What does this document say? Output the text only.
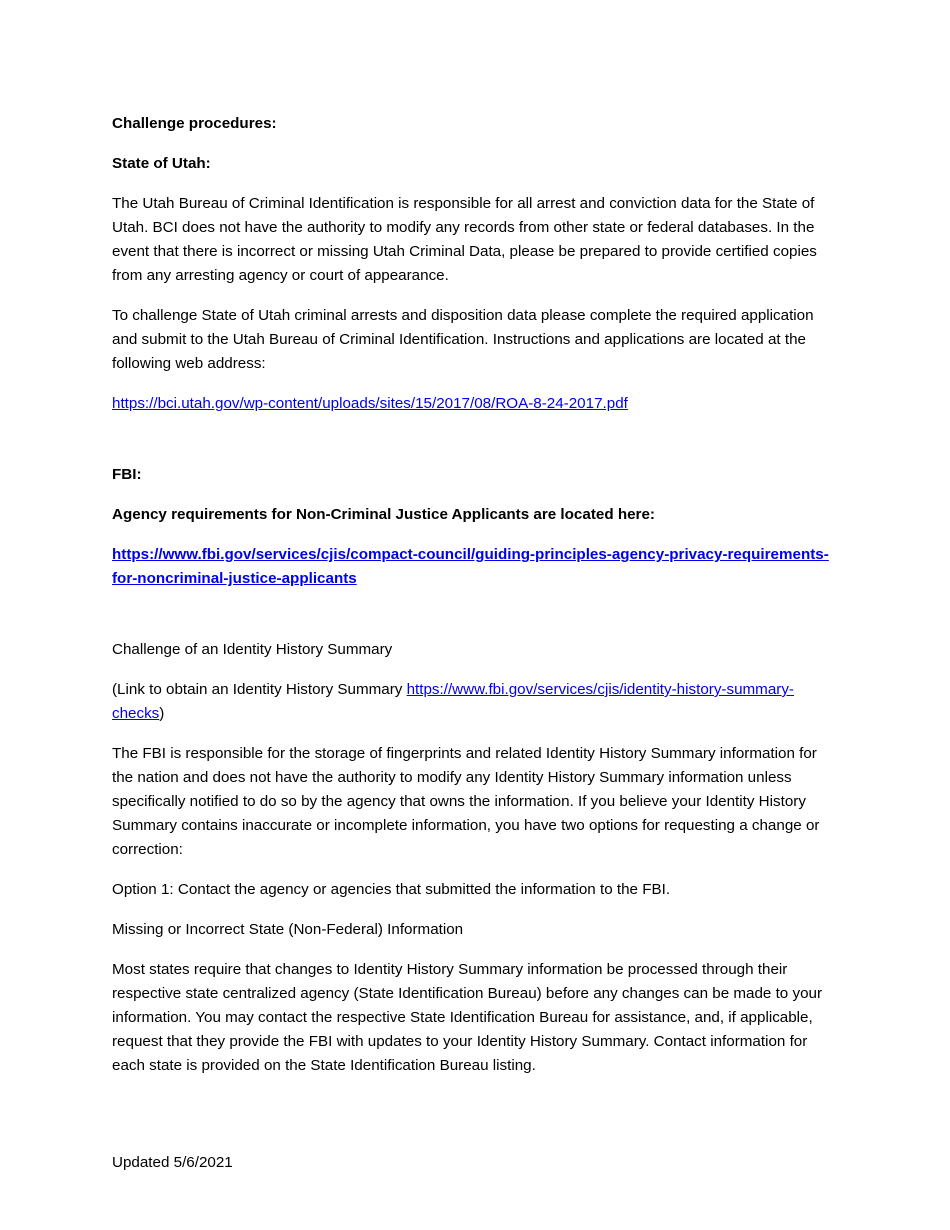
Challenge procedures:

State of Utah:

The Utah Bureau of Criminal Identification is responsible for all arrest and conviction data for the State of Utah. BCI does not have the authority to modify any records from other state or federal databases. In the event that there is incorrect or missing Utah Criminal Data, please be prepared to provide certified copies from any arresting agency or court of appearance.

To challenge State of Utah criminal arrests and disposition data please complete the required application and submit to the Utah Bureau of Criminal Identification. Instructions and applications are located at the following web address:

https://bci.utah.gov/wp-content/uploads/sites/15/2017/08/ROA-8-24-2017.pdf

FBI:

Agency requirements for Non-Criminal Justice Applicants are located here:

https://www.fbi.gov/services/cjis/compact-council/guiding-principles-agency-privacy-requirements-for-noncriminal-justice-applicants

Challenge of an Identity History Summary

(Link to obtain an Identity History Summary https://www.fbi.gov/services/cjis/identity-history-summary-checks)

The FBI is responsible for the storage of fingerprints and related Identity History Summary information for the nation and does not have the authority to modify any Identity History Summary information unless specifically notified to do so by the agency that owns the information. If you believe your Identity History Summary contains inaccurate or incomplete information, you have two options for requesting a change or correction:

Option 1: Contact the agency or agencies that submitted the information to the FBI.

Missing or Incorrect State (Non-Federal) Information

Most states require that changes to Identity History Summary information be processed through their respective state centralized agency (State Identification Bureau) before any changes can be made to your information. You may contact the respective State Identification Bureau for assistance, and, if applicable, request that they provide the FBI with updates to your Identity History Summary. Contact information for each state is provided on the State Identification Bureau listing.

Updated 5/6/2021
